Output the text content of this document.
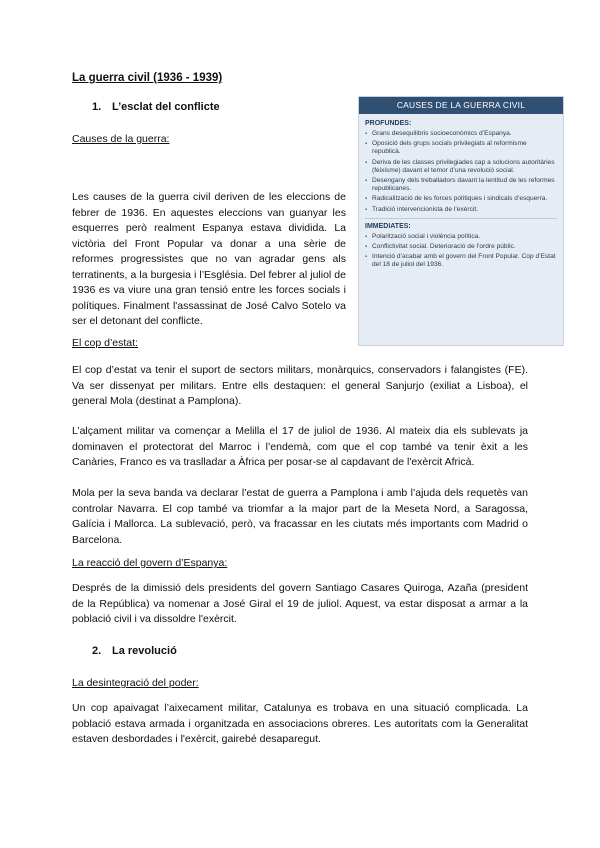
La guerra civil (1936 - 1939)
1. L’esclat del conflicte
Causes de la guerra:
Les causes de la guerra civil deriven de les eleccions de febrer de 1936. En aquestes eleccions van guanyar les esquerres però realment Espanya estava dividida. La victòria del Front Popular va donar a una sèrie de reformes progressistes que no van agradar gens als terratinents, a la burgesia i l’Església. Del febrer al juliol de 1936 es va viure una gran tensió entre les forces socials i polítiques. Finalment l'assassinat de José Calvo Sotelo va ser el detonant del conflicte.
CAUSES DE LA GUERRA CIVIL
PROFUNDES:
▪ Grans desequilibris socioeconòmics d’Espanya.
▪ Oposició dels grups socials privilegiats al reformisme republicà.
▪ Deriva de les classes privilegiades cap a solucions autoritàries (feixisme) davant el temor d’una revolució social.
▪ Desengany dels treballadors davant la lentitud de les reformes republicanes.
▪ Radicalització de les forces polítiques i sindicals d’esquerra.
▪ Tradició intervencionista de l’exèrcit.
IMMEDIATES:
▪ Polarització social i violència política.
▪ Conflictivitat social. Deterioració de l’ordre públic.
▪ Intenció d’acabar amb el govern del Front Popular. Cop d’Estat del 18 de juliol del 1936.
El cop d’estat:
El cop d’estat va tenir el suport de sectors militars, monàrquics, conservadors i falangistes (FE). Va ser dissenyat per militars. Entre ells destaquen: el general Sanjurjo (exiliat a Lisboa), el general Mola (destinat a Pamplona).
L’alçament militar va començar a Melilla el 17 de juliol de 1936. Al mateix dia els sublevats ja dominaven el protectorat del Marroc i l’endemà, com que el cop també va tenir èxit a les Canàries, Franco es va traslladar a Àfrica per posar-se al capdavant de l'exèrcit Africà.
Mola per la seva banda va declarar l’estat de guerra a Pamplona i amb l’ajuda dels requetès van controlar Navarra. El cop també va triomfar a la major part de la Meseta Nord, a Saragossa, Galícia i Mallorca. La sublevació, però, va fracassar en les ciutats més importants com Madrid o Barcelona.
La reacció del govern d’Espanya:
Després de la dimissió dels presidents del govern Santiago Casares Quiroga, Azaña (president de la República) va nomenar a José Giral el 19 de juliol. Aquest, va estar disposat a armar a la població civil i va dissoldre l'exèrcit.
2. La revolució
La desintegració del poder:
Un cop apaivagat l’aixecament militar, Catalunya es trobava en una situació complicada. La població estava armada i organitzada en associacions obreres. Les autoritats com la Generalitat estaven desbordades i l'exèrcit, gairebé desaparegut.
